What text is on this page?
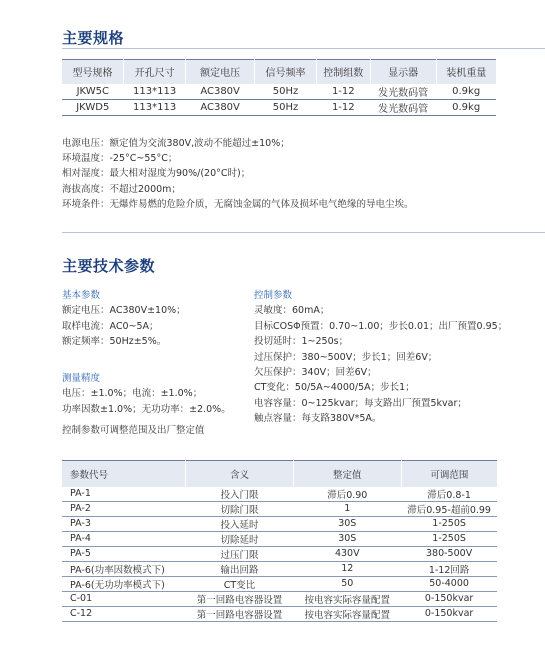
主要规格
型号规格	开孔尺寸	额定电压	信号频率	控制组数	显示器	装机重量
JKW5C	113*113	AC380V	50Hz	1-12	发光数码管	0.9kg
JKWD5	113*113	AC380V	50Hz	1-12	发光数码管	0.9kg
电源电压：额定值为交流380V,波动不能超过±10%；
环境温度：-25°C~55°C；
相对湿度：最大相对湿度为90%/(20°C时)；
海拔高度：不超过2000m；
环境条件：无爆炸易燃的危险介质，无腐蚀金属的气体及损坏电气绝缘的导电尘埃。
主要技术参数
基本参数
额定电压：AC380V±10%；
取样电流：AC0~5A；
额定频率：50Hz±5%。
测量精度
电压：±1.0%；电流：±1.0%；
功率因数±1.0%；无功功率：±2.0%。
控制参数
灵敏度：60mA；
目标COSΦ预置：0.70~1.00；步长0.01；出厂预置0.95；
投切延时：1~250s；
过压保护：380~500V；步长1；回差6V；
欠压保护：340V；回差6V；
CT变化：50/5A~4000/5A；步长1；
电容容量：0~125kvar；每支路出厂预置5kvar；
触点容量：每支路380V*5A。
控制参数可调整范围及出厂整定值
参数代号	含义	整定值	可调范围
PA-1	投入门限	滞后0.90	滞后0.8-1
PA-2	切除门限	1	滞后0.95-超前0.99
PA-3	投入延时	30S	1-250S
PA-4	切除延时	30S	1-250S
PA-5	过压门限	430V	380-500V
PA-6(功率因数模式下)	输出回路	12	1-12回路
PA-6(无功功率模式下)	CT变比	50	50-4000
C-01	第一回路电容器设置	按电容实际容量配置	0-150kvar
C-12	第一回路电容器设置	按电容实际容量配置	0-150kvar
